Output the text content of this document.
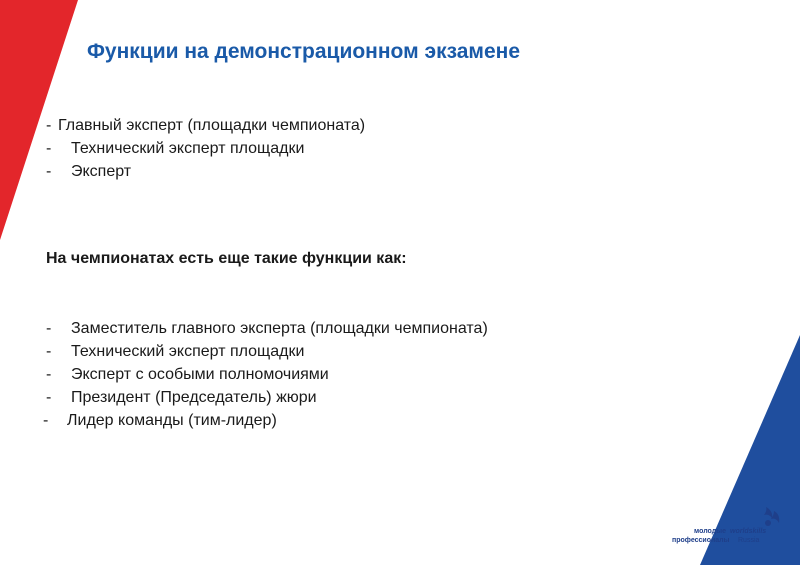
Функции на демонстрационном экзамене
- Главный эксперт (площадки чемпионата)
- Технический эксперт площадки
- Эксперт
На чемпионатах есть еще такие функции как:
- Заместитель главного эксперта (площадки чемпионата)
- Технический эксперт площадки
- Эксперт с особыми полномочиями
- Президент (Председатель) жюри
- Лидер команды (тим-лидер)
молодые worldskills
профессионалы Russia
